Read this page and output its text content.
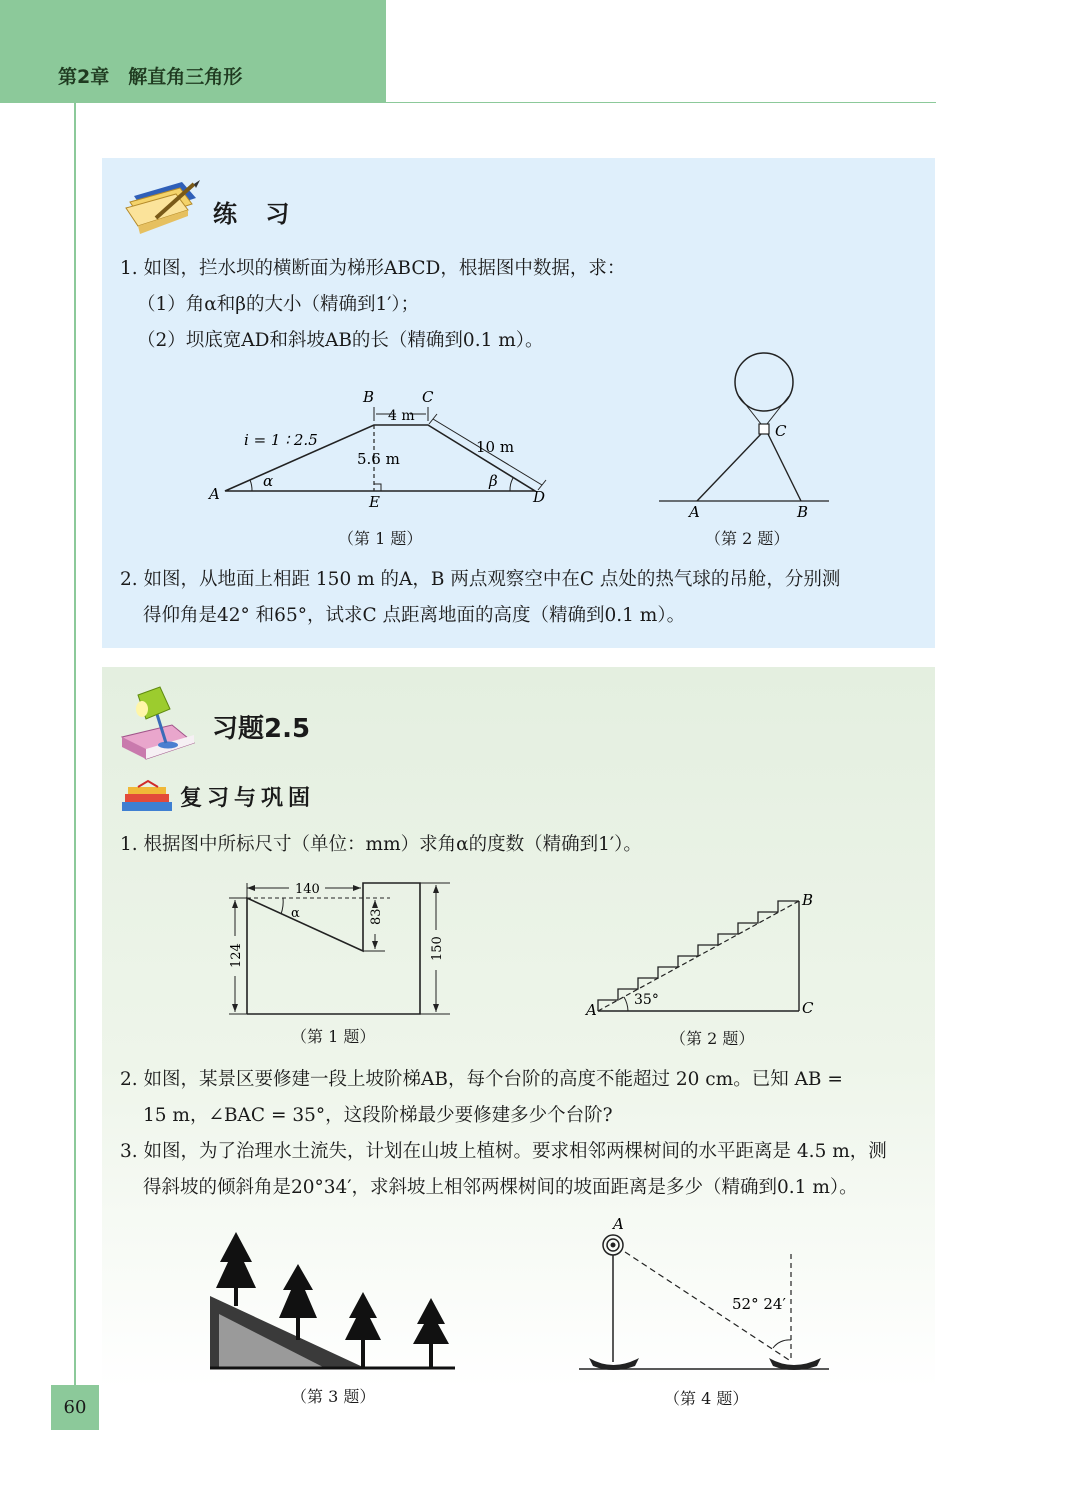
第2章　解直角三角形
练 习
1. 如图，拦水坝的横断面为梯形ABCD，根据图中数据，求：
（1）角α和β的大小（精确到1′）；
（2）坝底宽AD和斜坡AB的长（精确到0.1 m）。
B	C
4 m
i = 1 ∶ 2.5
5.6 m
10 m
A
α	β
E	D
（第 1 题）
C
A	B
（第 2 题）
2. 如图，从地面上相距 150 m 的A，B 两点观察空中在C 点处的热气球的吊舱，分别测
得仰角是42° 和65°，试求C 点距离地面的高度（精确到0.1 m）。
习题2.5
复习与巩固
1. 根据图中所标尺寸（单位：mm）求角α的度数（精确到1′）。
140
α	83
124	150
（第 1 题）
A
B
C
35°
（第 2 题）
2. 如图，某景区要修建一段上坡阶梯AB，每个台阶的高度不能超过 20 cm。已知 AB =
15 m，∠BAC = 35°，这段阶梯最少要修建多少个台阶?
3. 如图，为了治理水土流失，计划在山坡上植树。要求相邻两棵树间的水平距离是 4.5 m，测
得斜坡的倾斜角是20°34′，求斜坡上相邻两棵树间的坡面距离是多少（精确到0.1 m）。
（第 3 题）
A
52° 24′
（第 4 题）
60
